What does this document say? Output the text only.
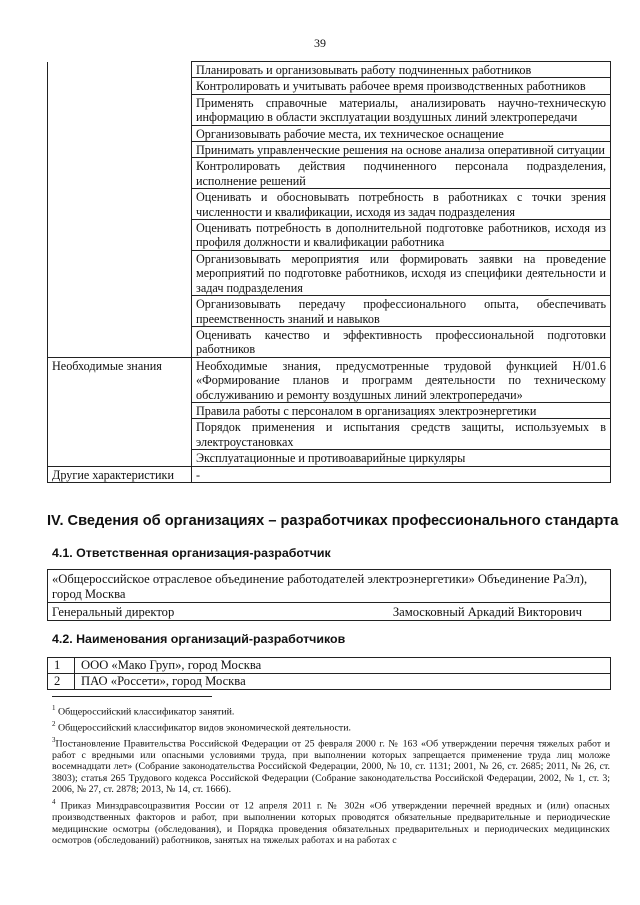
39
	Планировать и организовывать работу подчиненных работников
	Контролировать и учитывать рабочее время производственных работников
	Применять справочные материалы, анализировать научно-техническую информацию в области эксплуатации воздушных линий электропередачи
	Организовывать рабочие места, их техническое оснащение
	Принимать управленческие решения на основе анализа оперативной ситуации
	Контролировать действия подчиненного персонала подразделения, исполнение решений
	Оценивать и обосновывать потребность в работниках с точки зрения численности и квалификации, исходя из задач подразделения
	Оценивать потребность в дополнительной подготовке работников, исходя из профиля должности и квалификации работника
	Организовывать мероприятия или формировать заявки на проведение мероприятий по подготовке работников, исходя из специфики деятельности и задач подразделения
	Организовывать передачу профессионального опыта, обеспечивать преемственность знаний и навыков
	Оценивать качество и эффективность профессиональной подготовки работников
Необходимые знания	Необходимые знания, предусмотренные трудовой функцией Н/01.6 «Формирование планов и программ деятельности по техническому обслуживанию и ремонту воздушных линий электропередачи»
	Правила работы с персоналом в организациях электроэнергетики
	Порядок применения и испытания средств защиты, используемых в электроустановках
	Эксплуатационные и противоаварийные циркуляры
Другие характеристики	-
IV. Сведения об организациях – разработчиках профессионального стандарта
4.1. Ответственная организация-разработчик
«Общероссийское отраслевое объединение работодателей электроэнергетики» Объединение РаЭл), город Москва

Генеральный директор	Замосковный Аркадий Викторович
4.2. Наименования организаций-разработчиков
1	ООО «Мако Груп», город Москва
2	ПАО «Россети», город Москва

$^1$ Общероссийский классификатор занятий.

$^2$ Общероссийский классификатор видов экономической деятельности.

$^3$Постановление Правительства Российской Федерации от 25 февраля 2000 г. № 163 «Об утверждении перечня тяжелых работ и работ с вредными или опасными условиями труда, при выполнении которых запрещается применение труда лиц моложе восемнадцати лет» (Собрание законодательства Российской Федерации, 2000, № 10, ст. 1131; 2001, № 26, ст. 2685; 2011, № 26, ст. 3803); статья 265 Трудового кодекса Российской Федерации (Собрание законодательства Российской Федерации, 2002, № 1, ст. 3; 2006, № 27, ст. 2878; 2013, № 14, ст. 1666).

$^4$ Приказ Минздравсоцразвития России от 12 апреля 2011 г. № 302н «Об утверждении перечней вредных и (или) опасных производственных факторов и работ, при выполнении которых проводятся обязательные предварительные и периодические медицинские осмотры (обследования), и Порядка проведения обязательных предварительных и периодических медицинских осмотров (обследований) работников, занятых на тяжелых работах и на работах с
